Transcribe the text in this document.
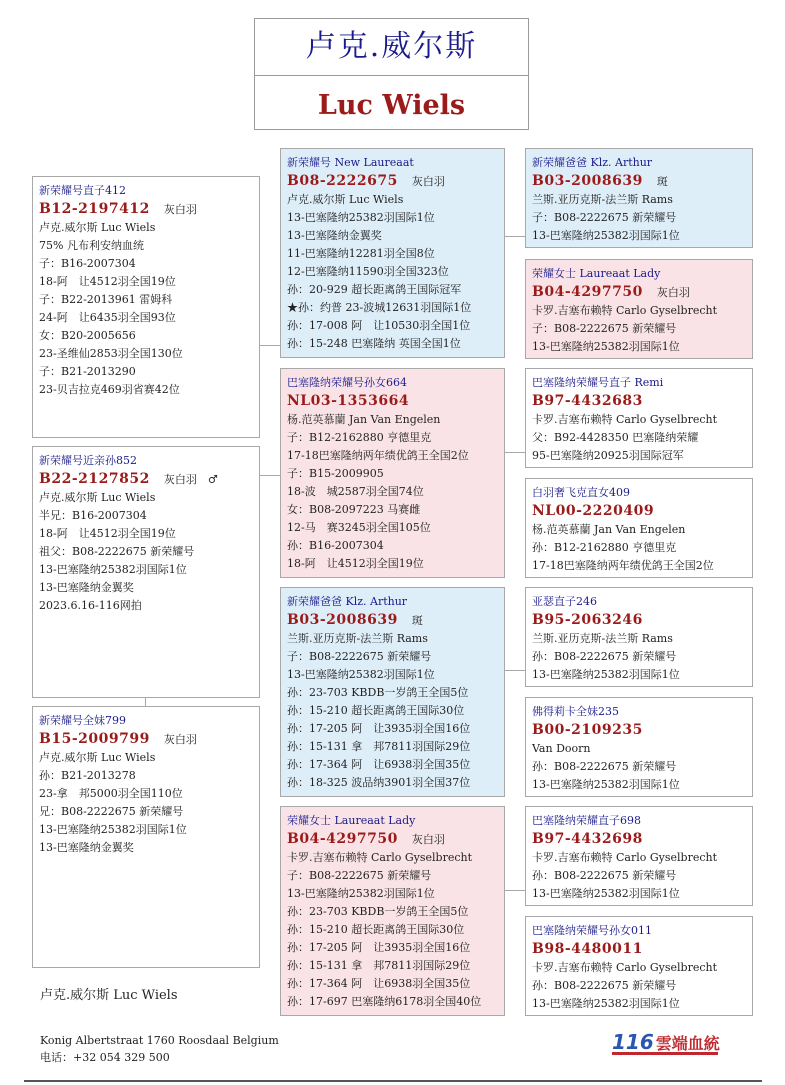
卢克.威尔斯
Luc Wiels
新荣耀号直子412
B12-2197412 灰白羽
卢克.威尔斯 Luc Wiels
75% 凡布利安纳血统
子：B16-2007304
18-阿　让4512羽全国19位
子：B22-2013961 雷姆科
24-阿　让6435羽全国93位
女：B20-2005656
23-圣维仙2853羽全国130位
子：B21-2013290
23-贝吉拉克469羽省赛42位
新荣耀号近亲孙852
B22-2127852 灰白羽　♂
卢克.威尔斯 Luc Wiels
半兄：B16-2007304
18-阿　让4512羽全国19位
祖父：B08-2222675 新荣耀号
13-巴塞隆纳25382羽国际1位
13-巴塞隆纳金翼奖
2023.6.16-116网拍
新荣耀号全妹799
B15-2009799 灰白羽
卢克.威尔斯 Luc Wiels
孙：B21-2013278
23-拿　邦5000羽全国110位
兄：B08-2222675 新荣耀号
13-巴塞隆纳25382羽国际1位
13-巴塞隆纳金翼奖
新荣耀号 New Laureaat
B08-2222675 灰白羽
卢克.威尔斯 Luc Wiels
13-巴塞隆纳25382羽国际1位
13-巴塞隆纳金翼奖
11-巴塞隆纳12281羽全国8位
12-巴塞隆纳11590羽全国323位
孙：20-929 超长距离鸽王国际冠军
★孙：约普 23-波城12631羽国际1位
孙：17-008 阿　让10530羽全国1位
孙：15-248 巴塞隆纳 英国全国1位
巴塞隆纳荣耀号孙女664
NL03-1353664
杨.范英慕蘭 Jan Van Engelen
子：B12-2162880 亨德里克
17-18巴塞隆纳两年绩优鸽王全国2位
子：B15-2009905
18-波　城2587羽全国74位
女：B08-2097223 马赛雌
12-马　赛3245羽全国105位
孙：B16-2007304
18-阿　让4512羽全国19位
新荣耀爸爸 Klz. Arthur
B03-2008639 斑
兰斯.亚历克斯-法兰斯 Rams
子：B08-2222675 新荣耀号
13-巴塞隆纳25382羽国际1位
孙：23-703 KBDB一岁鸽王全国5位
孙：15-210 超长距离鸽王国际30位
孙：17-205 阿　让3935羽全国16位
孙：15-131 拿　邦7811羽国际29位
孙：17-364 阿　让6938羽全国35位
孙：18-325 波品纳3901羽全国37位
荣耀女士 Laureaat Lady
B04-4297750 灰白羽
卡罗.吉塞布赖特 Carlo Gyselbrecht
子：B08-2222675 新荣耀号
13-巴塞隆纳25382羽国际1位
孙：23-703 KBDB一岁鸽王全国5位
孙：15-210 超长距离鸽王国际30位
孙：17-205 阿　让3935羽全国16位
孙：15-131 拿　邦7811羽国际29位
孙：17-364 阿　让6938羽全国35位
孙：17-697 巴塞隆纳6178羽全国40位
新荣耀爸爸 Klz. Arthur
B03-2008639 斑
兰斯.亚历克斯-法兰斯 Rams
子：B08-2222675 新荣耀号
13-巴塞隆纳25382羽国际1位
荣耀女士 Laureaat Lady
B04-4297750 灰白羽
卡罗.吉塞布赖特 Carlo Gyselbrecht
子：B08-2222675 新荣耀号
13-巴塞隆纳25382羽国际1位
巴塞隆纳荣耀号直子 Remi
B97-4432683
卡罗.吉塞布赖特 Carlo Gyselbrecht
父：B92-4428350 巴塞隆纳荣耀
95-巴塞隆纳20925羽国际冠军
白羽奢飞克直女409
NL00-2220409
杨.范英慕蘭 Jan Van Engelen
孙：B12-2162880 亨德里克
17-18巴塞隆纳两年绩优鸽王全国2位
亚瑟直子246
B95-2063246
兰斯.亚历克斯-法兰斯 Rams
孙：B08-2222675 新荣耀号
13-巴塞隆纳25382羽国际1位
佛得莉卡全妹235
B00-2109235
Van Doorn
孙：B08-2222675 新荣耀号
13-巴塞隆纳25382羽国际1位
巴塞隆纳荣耀直子698
B97-4432698
卡罗.吉塞布赖特 Carlo Gyselbrecht
孙：B08-2222675 新荣耀号
13-巴塞隆纳25382羽国际1位
巴塞隆纳荣耀号孙女011
B98-4480011
卡罗.吉塞布赖特 Carlo Gyselbrecht
孙：B08-2222675 新荣耀号
13-巴塞隆纳25382羽国际1位
卢克.威尔斯 Luc Wiels
Konig Albertstraat 1760 Roosdaal Belgium
电话：+32 054 329 500
116 雲端血統
